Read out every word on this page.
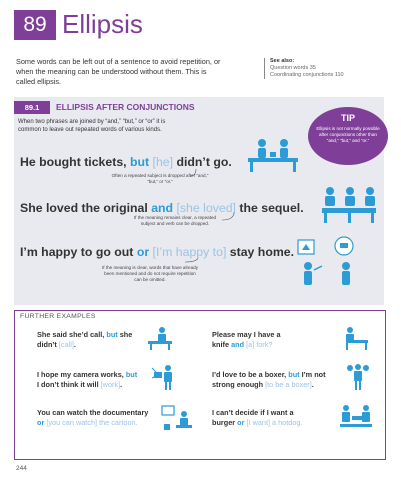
89 Ellipsis
Some words can be left out of a sentence to avoid repetition, or when the meaning can be understood without them. This is called ellipsis.
See also:
Question words 35
Coordinating conjunctions 110
89.1	ELLIPSIS AFTER CONJUNCTIONS
When two phrases are joined by “and,” “but,” or “or” it is common to leave out repeated words of various kinds.
TIP
Ellipsis is not normally possible after conjunctions other than “and,” “but,” and “or.”
He bought tickets, but [he] didn’t go.
Often a repeated subject is dropped after “and,” “but,” or “or.”
She loved the original and [she loved] the sequel.
If the meaning remains clear, a repeated subject and verb can be dropped.
I’m happy to go out or [I’m happy to] stay home.
If the meaning is clear, words that have already been mentioned and do not require repetition can be omitted.
FURTHER EXAMPLES
She said she’d call, but she
didn’t [call].
Please may I have a
knife and [a] fork?
I hope my camera works, but
I don’t think it will [work].
I’d love to be a boxer, but I’m not
strong enough [to be a boxer].
You can watch the documentary
or [you can watch] the cartoon.
I can’t decide if I want a
burger or [I want] a hotdog.
244
